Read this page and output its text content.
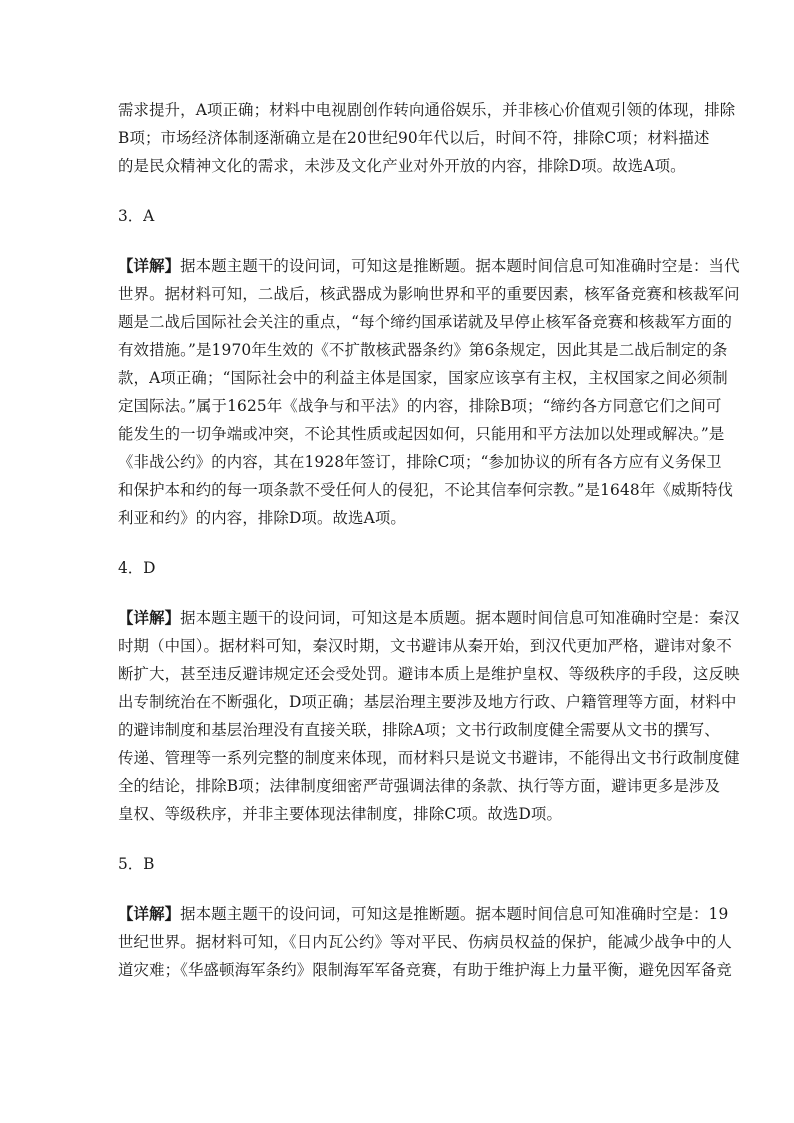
需求提升，A项正确；材料中电视剧创作转向通俗娱乐，并非核心价值观引领的体现，排除
B项；市场经济体制逐渐确立是在20世纪90年代以后，时间不符，排除C项；材料描述
的是民众精神文化的需求，未涉及文化产业对外开放的内容，排除D项。故选A项。

3．A

【详解】据本题主题干的设问词，可知这是推断题。据本题时间信息可知准确时空是：当代
世界。据材料可知，二战后，核武器成为影响世界和平的重要因素，核军备竞赛和核裁军问
题是二战后国际社会关注的重点，“每个缔约国承诺就及早停止核军备竞赛和核裁军方面的
有效措施。”是1970年生效的《不扩散核武器条约》第6条规定，因此其是二战后制定的条
款，A项正确；“国际社会中的利益主体是国家，国家应该享有主权，主权国家之间必须制
定国际法。”属于1625年《战争与和平法》的内容，排除B项；“缔约各方同意它们之间可
能发生的一切争端或冲突，不论其性质或起因如何，只能用和平方法加以处理或解决。”是
《非战公约》的内容，其在1928年签订，排除C项；“参加协议的所有各方应有义务保卫
和保护本和约的每一项条款不受任何人的侵犯，不论其信奉何宗教。”是1648年《威斯特伐
利亚和约》的内容，排除D项。故选A项。

4．D

【详解】据本题主题干的设问词，可知这是本质题。据本题时间信息可知准确时空是：秦汉
时期（中国）。据材料可知，秦汉时期，文书避讳从秦开始，到汉代更加严格，避讳对象不
断扩大，甚至违反避讳规定还会受处罚。避讳本质上是维护皇权、等级秩序的手段，这反映
出专制统治在不断强化，D项正确；基层治理主要涉及地方行政、户籍管理等方面，材料中
的避讳制度和基层治理没有直接关联，排除A项；文书行政制度健全需要从文书的撰写、
传递、管理等一系列完整的制度来体现，而材料只是说文书避讳，不能得出文书行政制度健
全的结论，排除B项；法律制度细密严苛强调法律的条款、执行等方面，避讳更多是涉及
皇权、等级秩序，并非主要体现法律制度，排除C项。故选D项。

5．B

【详解】据本题主题干的设问词，可知这是推断题。据本题时间信息可知准确时空是：19
世纪世界。据材料可知，《日内瓦公约》等对平民、伤病员权益的保护，能减少战争中的人
道灾难；《华盛顿海军条约》限制海军军备竞赛，有助于维护海上力量平衡，避免因军备竞
